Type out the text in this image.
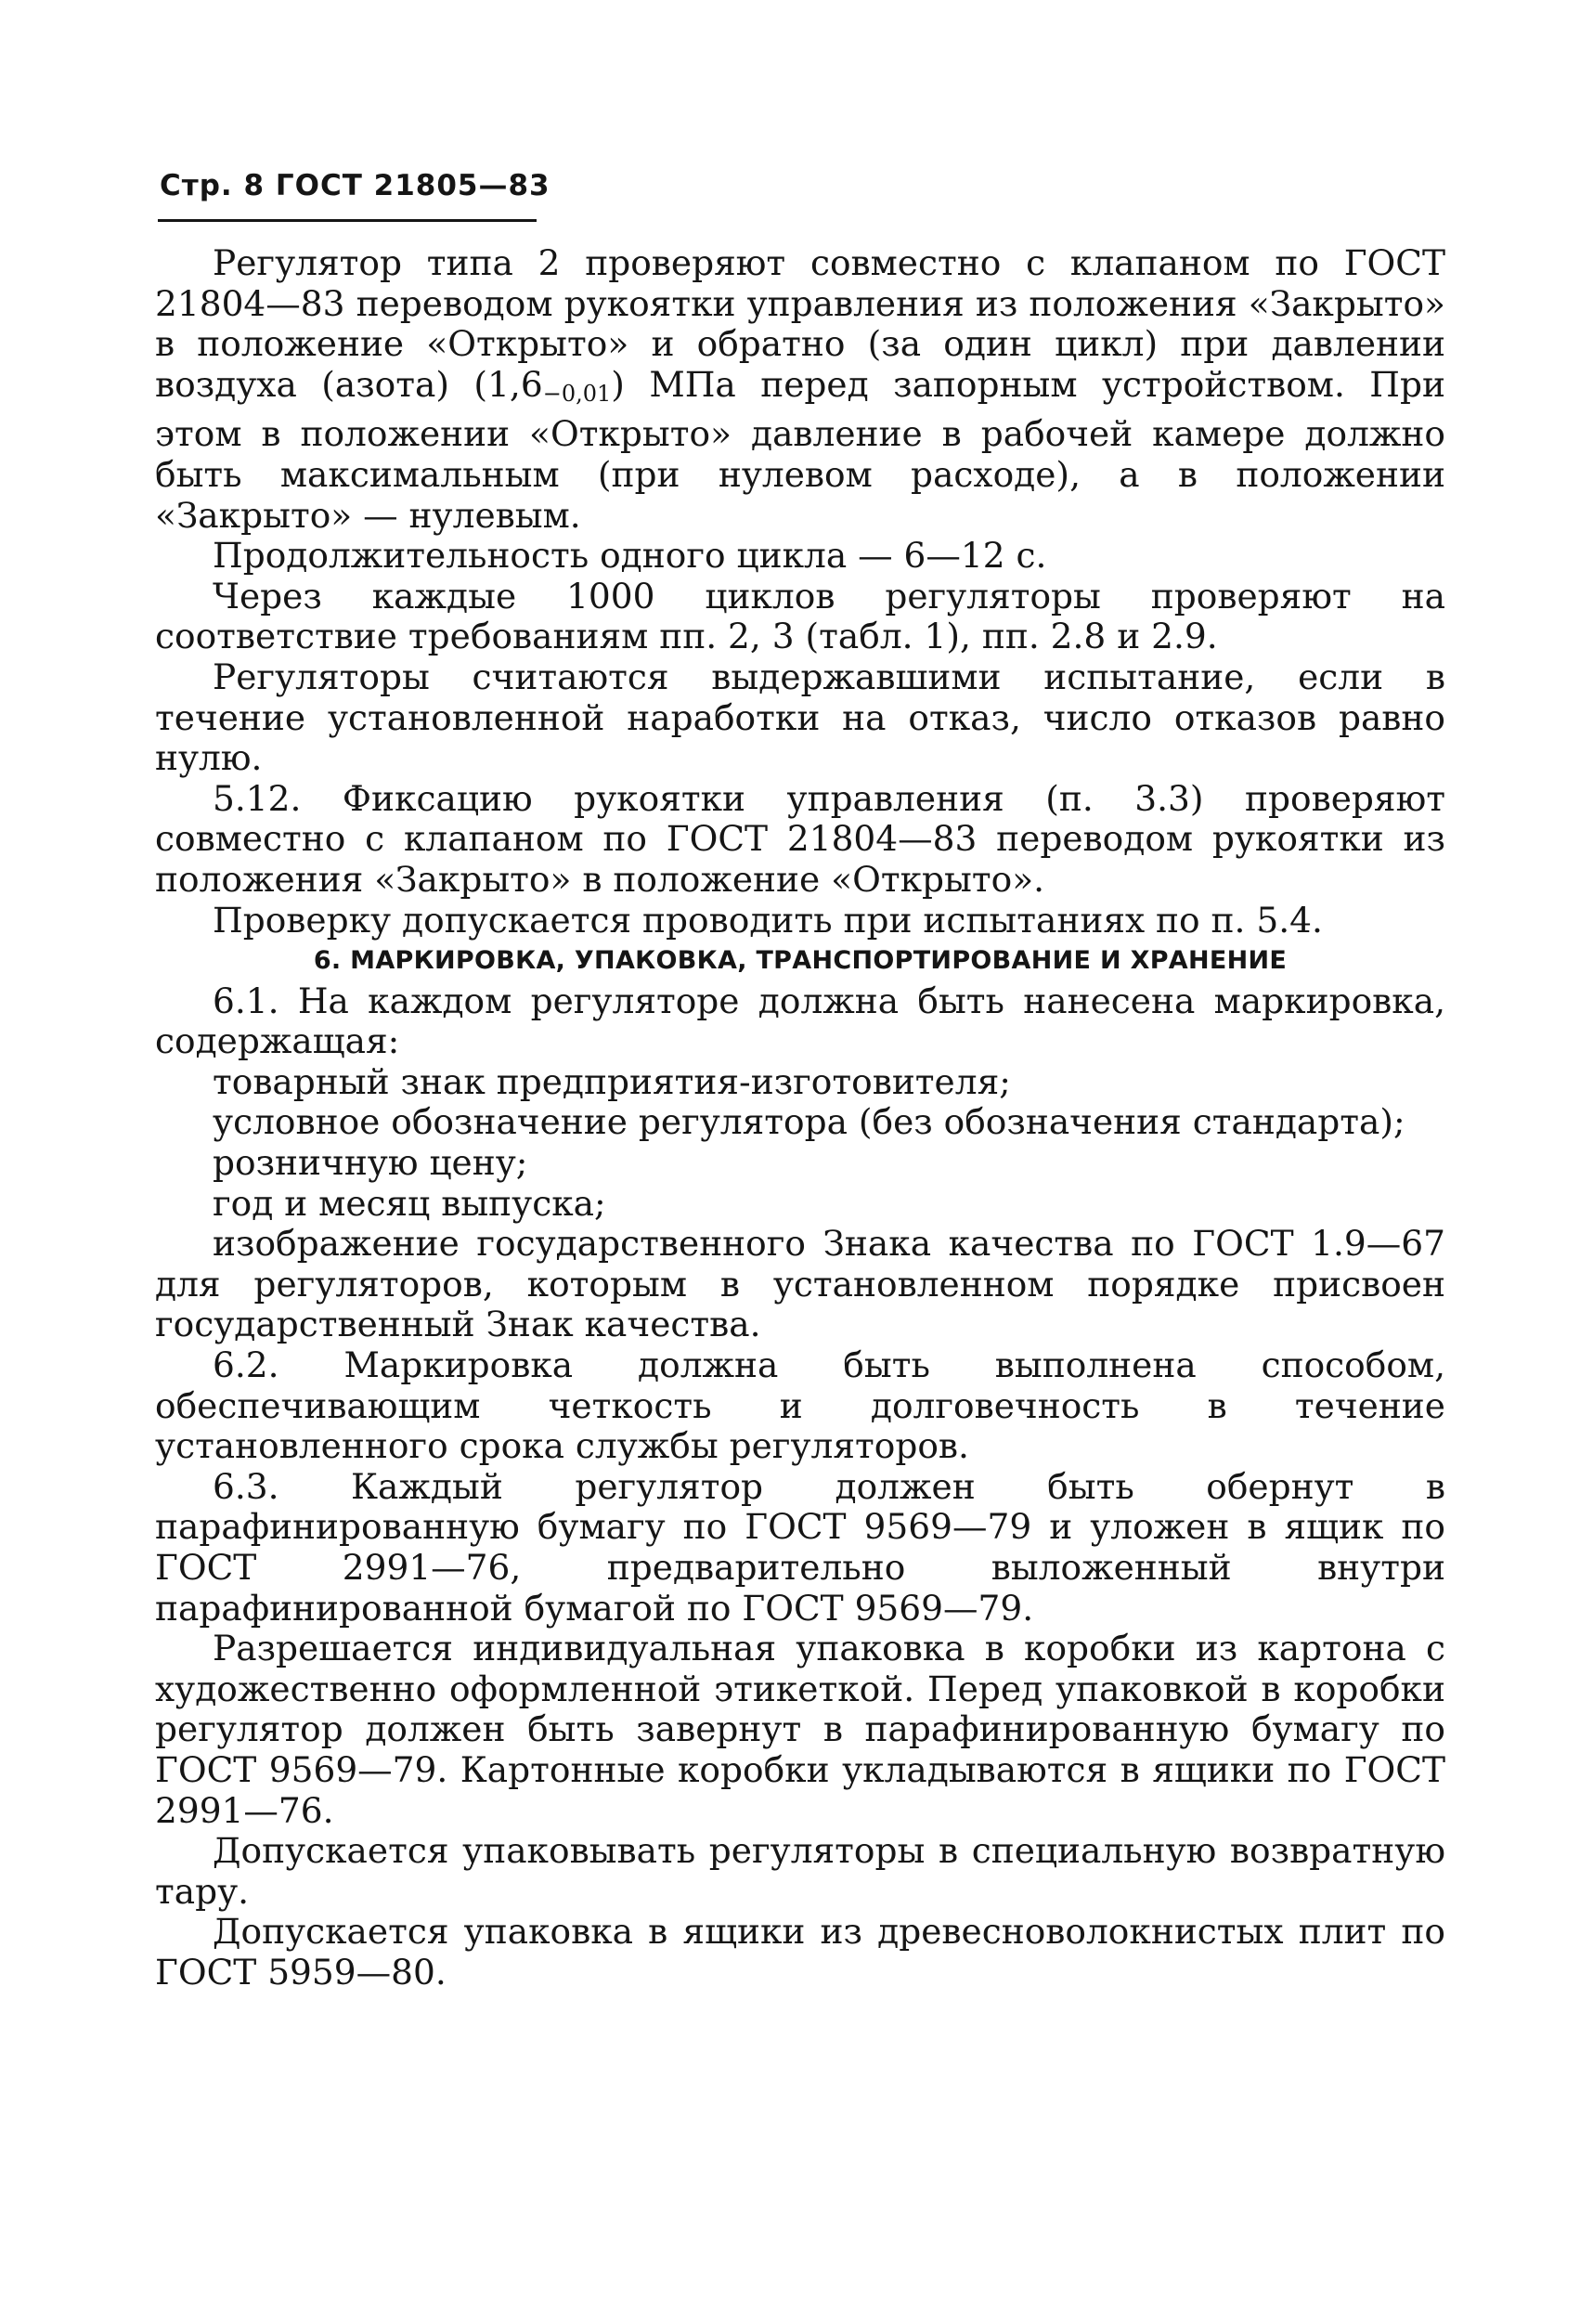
Стр. 8 ГОСТ 21805—83

Регулятор типа 2 проверяют совместно с клапаном по ГОСТ 21804—83 переводом рукоятки управления из положения «Закрыто» в положение «Открыто» и обратно (за один цикл) при давлении воздуха (азота) $(1,6_{-0,01})$ МПа перед запорным устройством. При этом в положении «Открыто» давление в рабочей камере должно быть максимальным (при нулевом расходе), а в положении «Закрыто» — нулевым.

Продолжительность одного цикла — 6—12 с.

Через каждые 1000 циклов регуляторы проверяют на соответствие требованиям пп. 2, 3 (табл. 1), пп. 2.8 и 2.9.

Регуляторы считаются выдержавшими испытание, если в течение установленной наработки на отказ, число отказов равно нулю.

5.12. Фиксацию рукоятки управления (п. 3.3) проверяют совместно с клапаном по ГОСТ 21804—83 переводом рукоятки из положения «Закрыто» в положение «Открыто».

Проверку допускается проводить при испытаниях по п. 5.4.

6. МАРКИРОВКА, УПАКОВКА, ТРАНСПОРТИРОВАНИЕ И ХРАНЕНИЕ

6.1. На каждом регуляторе должна быть нанесена маркировка, содержащая:

товарный знак предприятия-изготовителя;

условное обозначение регулятора (без обозначения стандарта);

розничную цену;

год и месяц выпуска;

изображение государственного Знака качества по ГОСТ 1.9—67 для регуляторов, которым в установленном порядке присвоен государственный Знак качества.

6.2. Маркировка должна быть выполнена способом, обеспечивающим четкость и долговечность в течение установленного срока службы регуляторов.

6.3. Каждый регулятор должен быть обернут в парафинированную бумагу по ГОСТ 9569—79 и уложен в ящик по ГОСТ 2991—76, предварительно выложенный внутри парафинированной бумагой по ГОСТ 9569—79.

Разрешается индивидуальная упаковка в коробки из картона с художественно оформленной этикеткой. Перед упаковкой в коробки регулятор должен быть завернут в парафинированную бумагу по ГОСТ 9569—79. Картонные коробки укладываются в ящики по ГОСТ 2991—76.

Допускается упаковывать регуляторы в специальную возвратную тару.

Допускается упаковка в ящики из древесноволокнистых плит по ГОСТ 5959—80.
